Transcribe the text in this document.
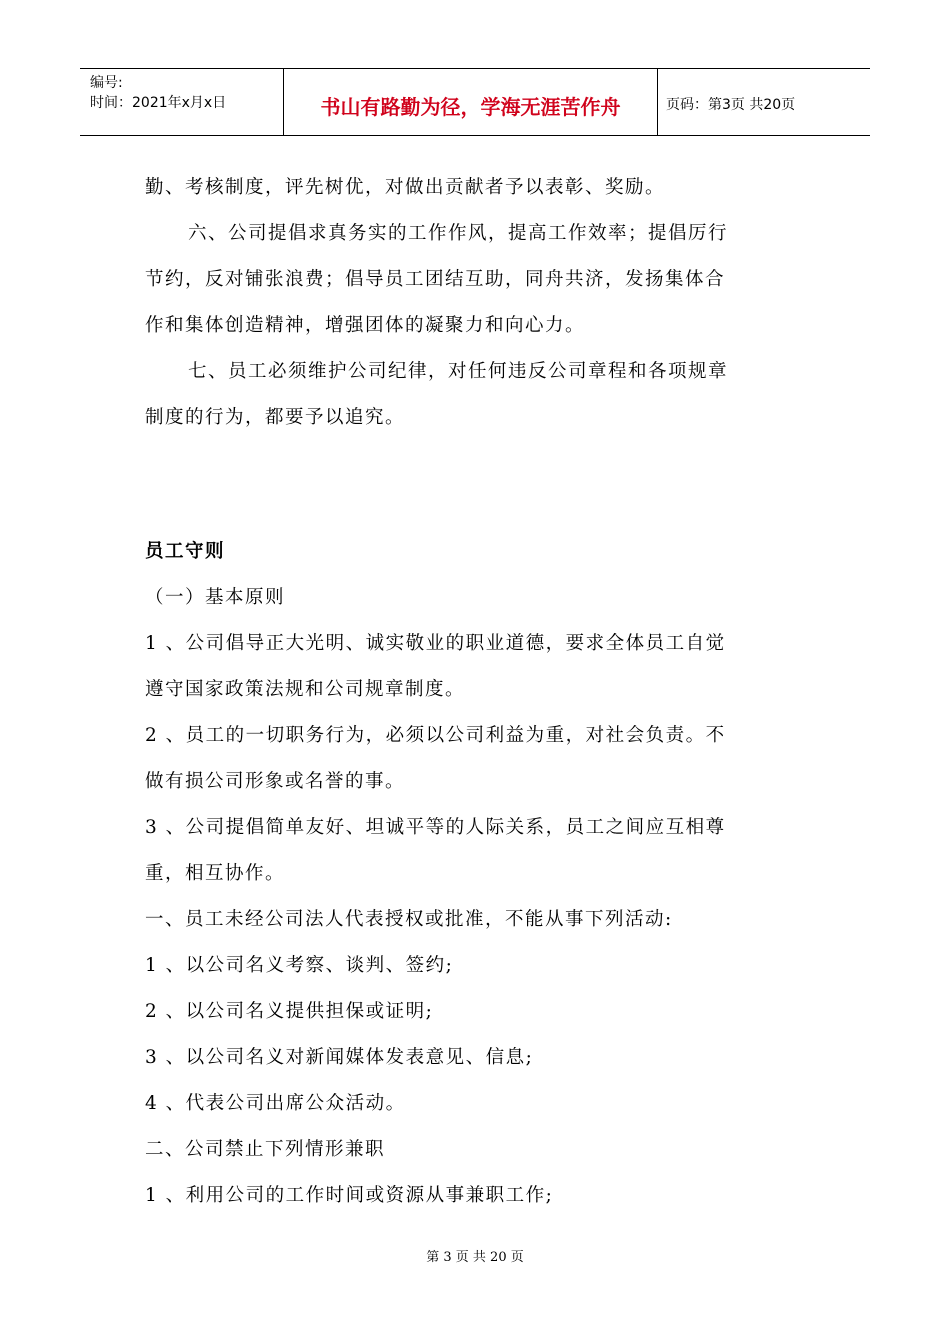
编号:
时间：2021年x月x日	书山有路勤为径，学海无涯苦作舟	页码：第3页 共20页
勤、考核制度，评先树优，对做出贡献者予以表彰、奖励。
六、公司提倡求真务实的工作作风，提高工作效率；提倡厉行
节约，反对铺张浪费；倡导员工团结互助，同舟共济，发扬集体合
作和集体创造精神，增强团体的凝聚力和向心力。
七、员工必须维护公司纪律，对任何违反公司章程和各项规章
制度的行为，都要予以追究。
员工守则
（一）基本原则
1 、公司倡导正大光明、诚实敬业的职业道德，要求全体员工自觉
遵守国家政策法规和公司规章制度。
2 、员工的一切职务行为，必须以公司利益为重，对社会负责。不
做有损公司形象或名誉的事。
3 、公司提倡简单友好、坦诚平等的人际关系，员工之间应互相尊
重，相互协作。
一、员工未经公司法人代表授权或批准，不能从事下列活动:
1 、以公司名义考察、谈判、签约;
2 、以公司名义提供担保或证明;
3 、以公司名义对新闻媒体发表意见、信息;
4 、代表公司出席公众活动。
二、公司禁止下列情形兼职
1 、利用公司的工作时间或资源从事兼职工作;
第 3 页 共 20 页
